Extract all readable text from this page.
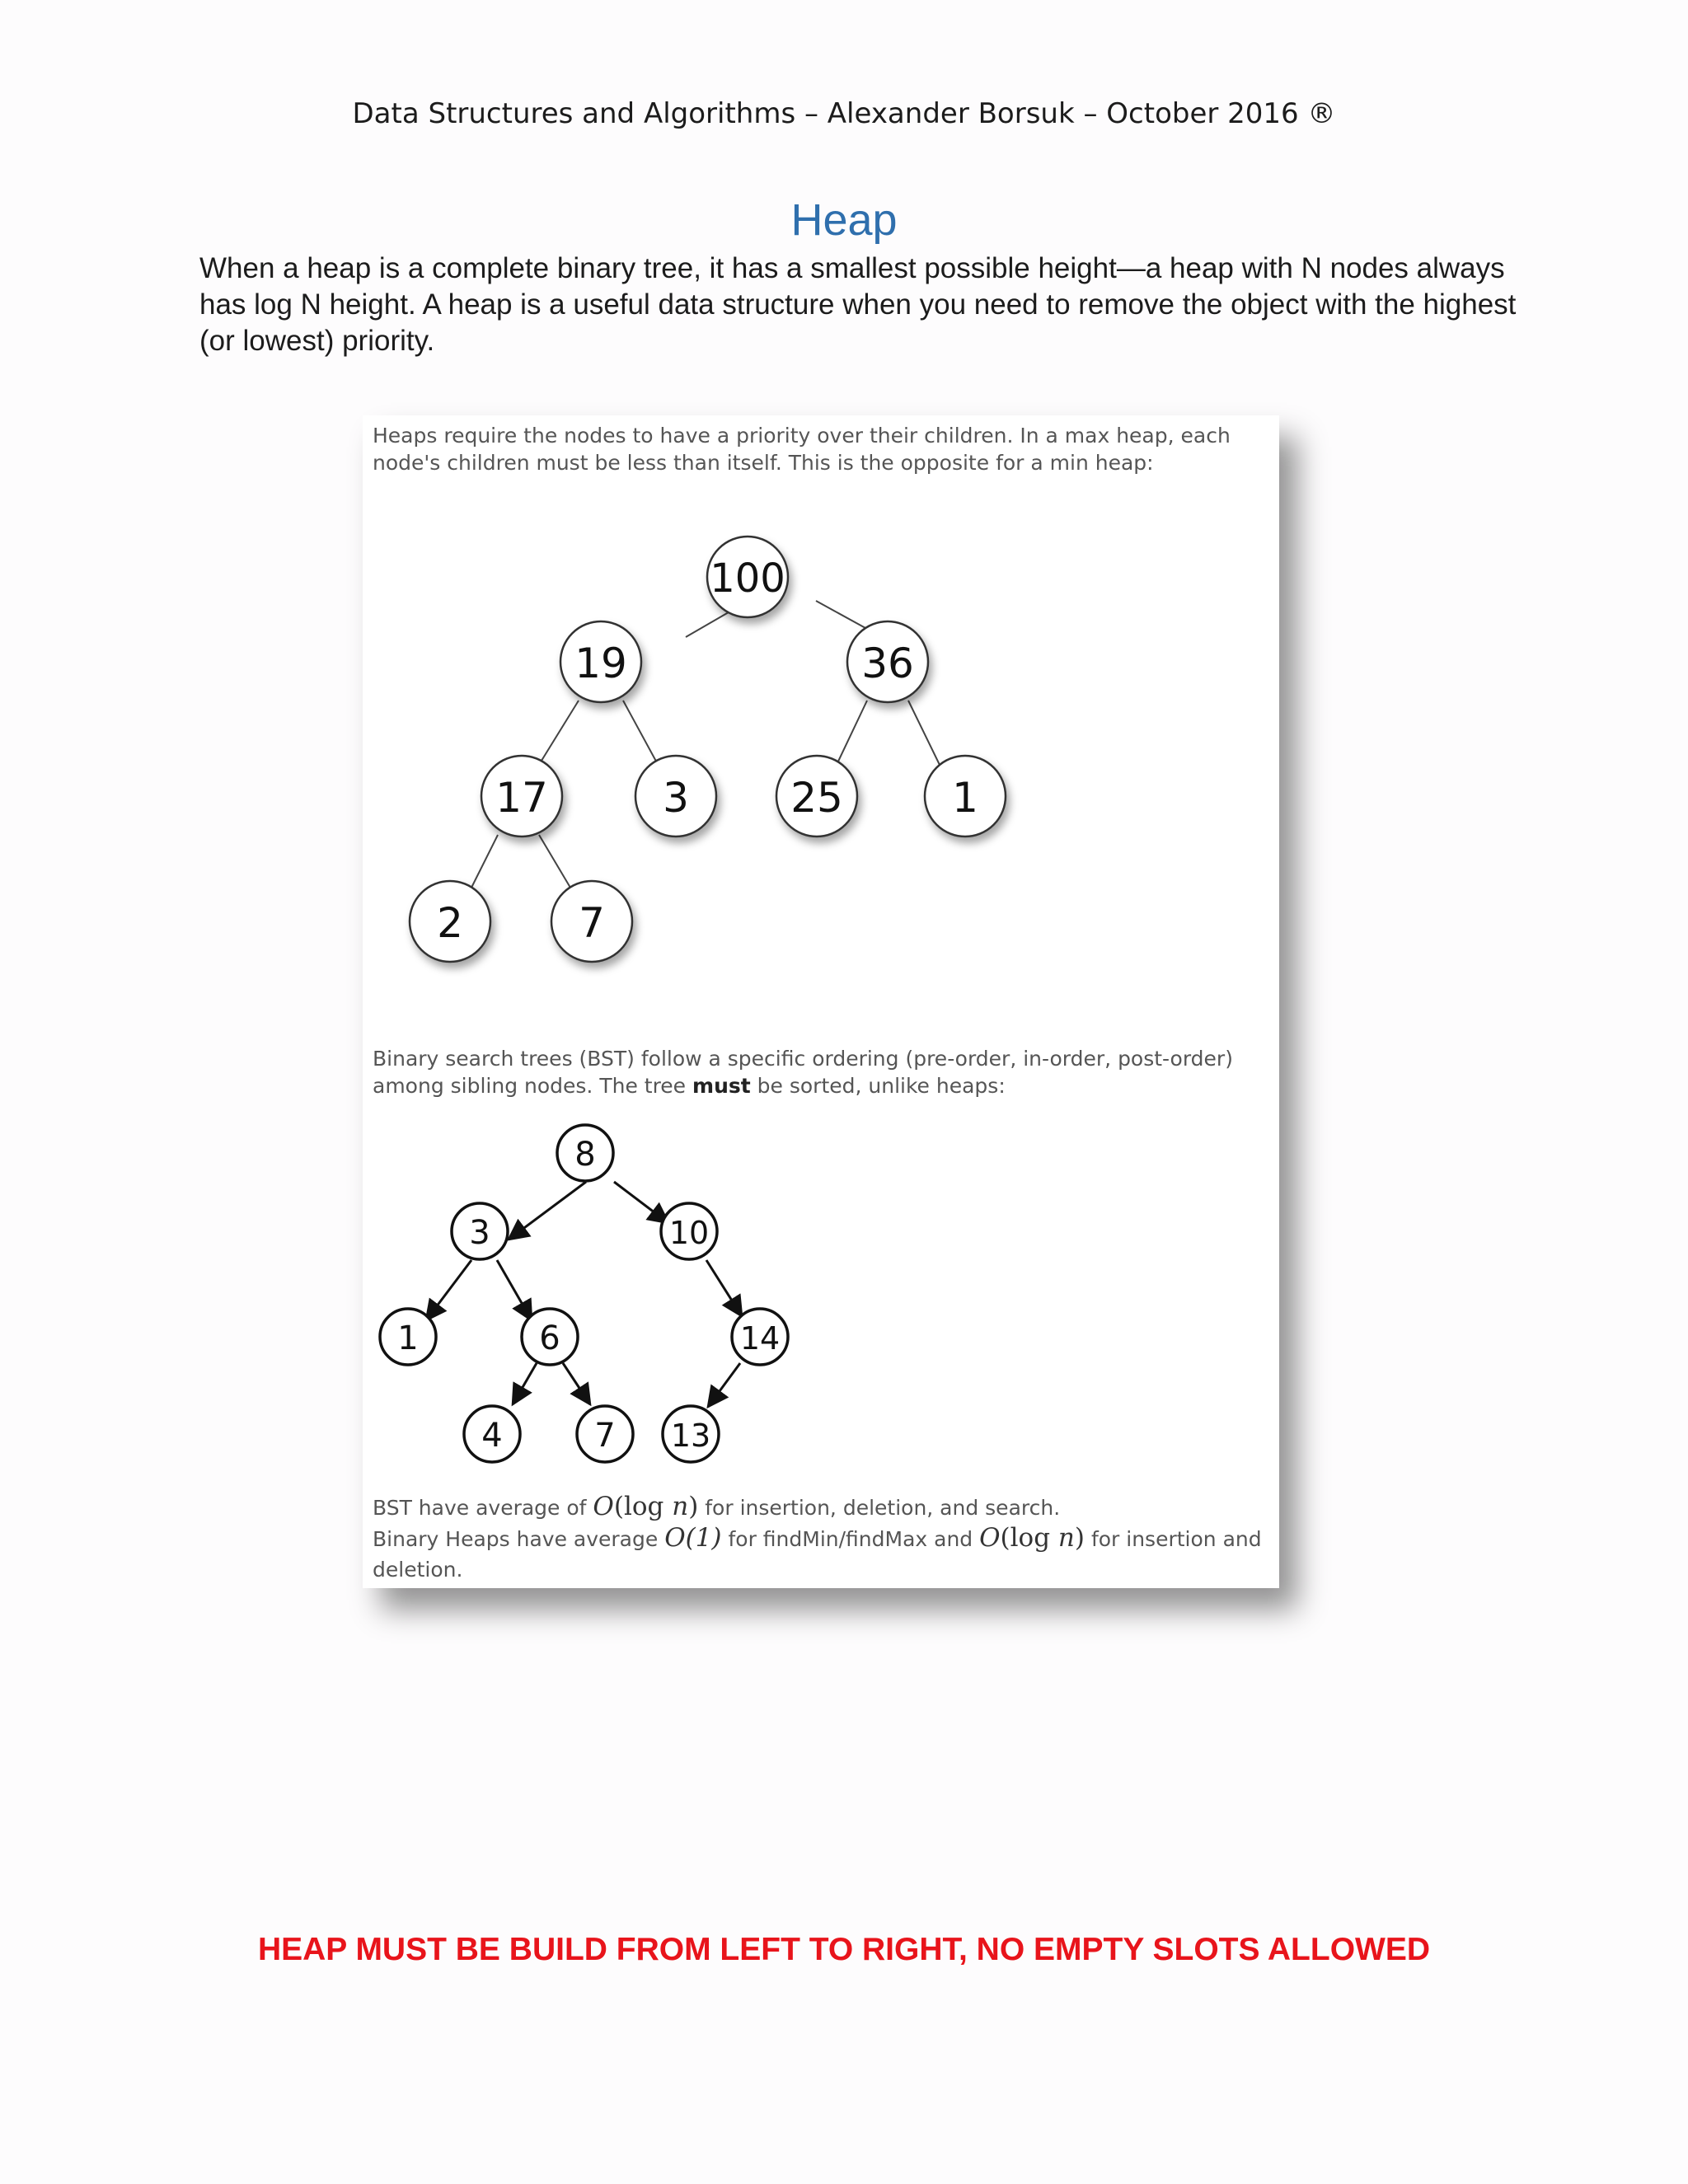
Data Structures and Algorithms – Alexander Borsuk – October 2016 ®
Heap
When a heap is a complete binary tree, it has a smallest possible height—a heap with N nodes always has log N height. A heap is a useful data structure when you need to remove the object with the highest (or lowest) priority.

Heaps require the nodes to have a priority over their children. In a max heap, each node's children must be less than itself. This is the opposite for a min heap:

100
19	36
17	3 25	1
2	7
8
3	10
1	6	14
4	7 13

Binary search trees (BST) follow a specific ordering (pre-order, in-order, post-order) among sibling nodes. The tree must be sorted, unlike heaps:

BST have average of O(log n) for insertion, deletion, and search.
Binary Heaps have average O(1) for findMin/findMax and O(log n) for insertion and
deletion.
HEAP MUST BE BUILD FROM LEFT TO RIGHT, NO EMPTY SLOTS ALLOWED
